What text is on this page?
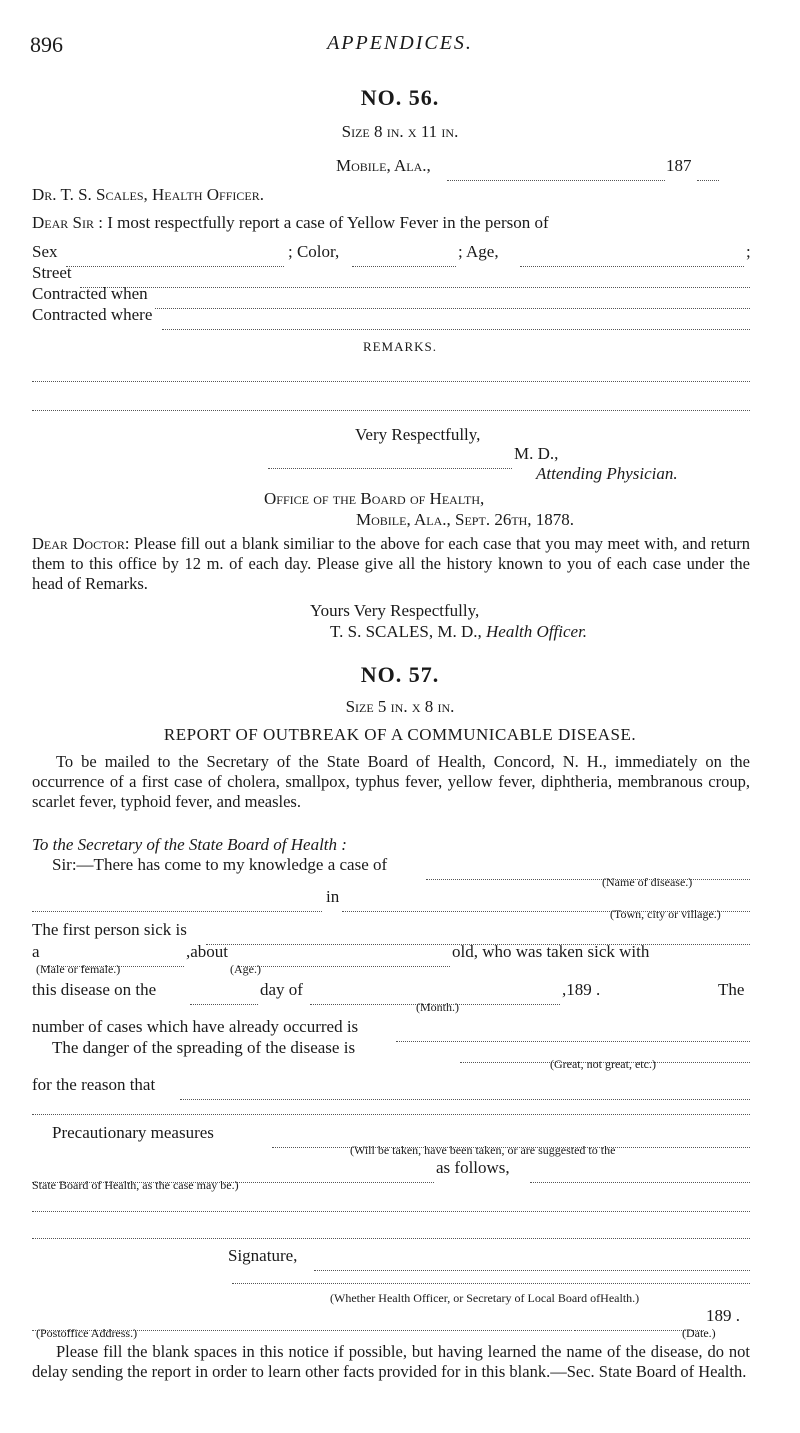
896	APPENDICES.
NO. 56.
Size 8 in. x 11 in.
Mobile, Ala.,	187
Dr. T. S. Scales, Health Officer.
Dear Sir : I most respectfully report a case of Yellow Fever in the person of
Sex	; Color,	; Age,	;
Street
Contracted when
Contracted where
REMARKS.
Very Respectfully,
M. D.,
Attending Physician.
Office of the Board of Health,
Mobile, Ala., Sept. 26th, 1878.

Dear Doctor: Please fill out a blank similiar to the above for each case that you may meet with, and return them to this office by 12 m. of each day. Please give all the history known to you of each case under the head of Remarks.

Yours Very Respectfully,
T. S. SCALES, M. D., Health Officer.
NO. 57.
Size 5 in. x 8 in.
REPORT OF OUTBREAK OF A COMMUNICABLE DISEASE.

To be mailed to the Secretary of the State Board of Health, Concord, N. H., immediately on the occurrence of a first case of cholera, smallpox, typhus fever, yellow fever, diphtheria, membranous croup, scarlet fever, typhoid fever, and measles.

To the Secretary of the State Board of Health :
Sir:—There has come to my knowledge a case of
(Name of disease.)
in
(Town, city or village.)
The first person sick is
a	,about	old, who was taken sick with
(Male or female.)	(Age.)
this disease on the	day of	,189 .	The
(Month.)
number of cases which have already occurred is
The danger of the spreading of the disease is
(Great, not great, etc.)
for the reason that
Precautionary measures
(Will be taken, have been taken, or are suggested to the
as follows,
State Board of Health, as the case may be.)
Signature,
(Whether Health Officer, or Secretary of Local Board ofHealth.)
189 .
(Postoffice Address.)	(Date.)

Please fill the blank spaces in this notice if possible, but having learned the name of the disease, do not delay sending the report in order to learn other facts provided for in this blank.—Sec. State Board of Health.
